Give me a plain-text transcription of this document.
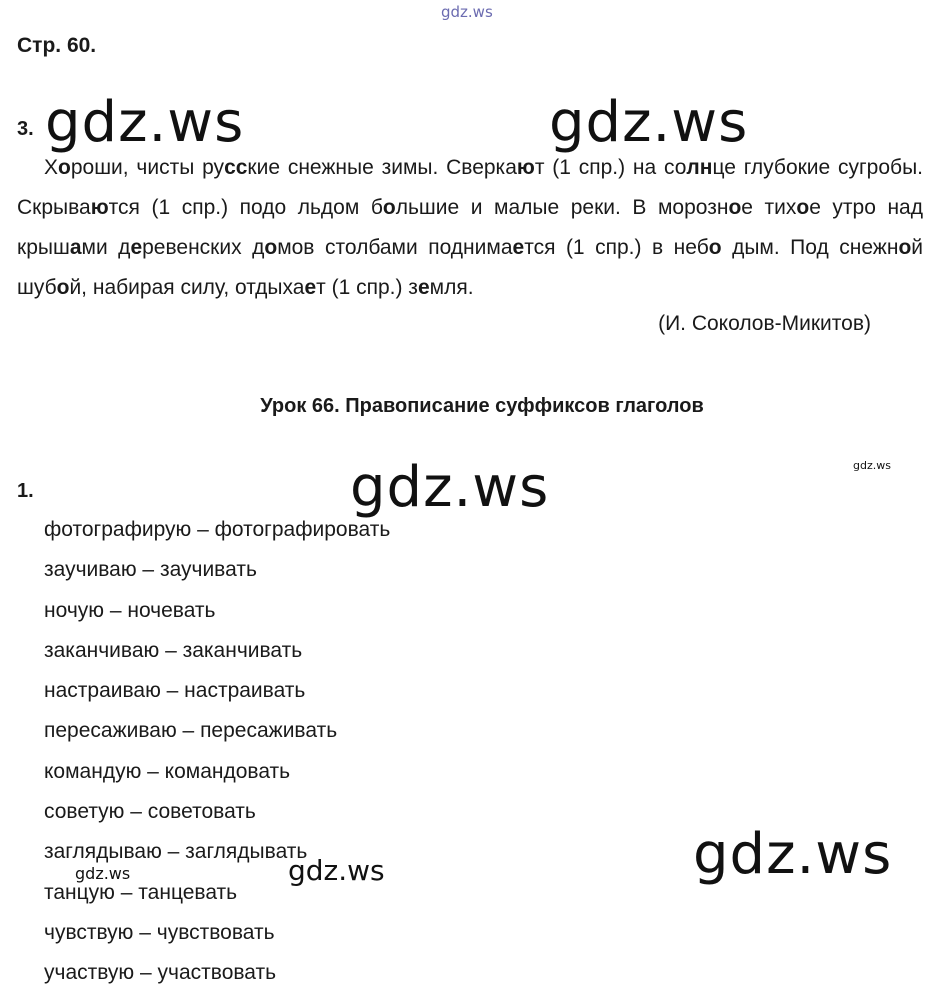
gdz.ws
Стр. 60.
3. gdz.ws	gdz.ws

Хороши, чисты русские снежные зимы. Сверкают (1 спр.) на солнце глубокие сугробы. Скрываются (1 спр.) подо льдом большие и малые реки. В морозное тихое утро над крышами деревенских домов столбами поднимается (1 спр.) в небо дым. Под снежной шубой, набирая силу, отдыхает (1 спр.) земля.

(И. Соколов-Микитов)
Урок 66. Правописание суффиксов глаголов
gdz.ws
1.	gdz.ws
фотографирую – фотографировать
заучиваю – заучивать
ночую – ночевать
заканчиваю – заканчивать
настраиваю – настраивать
пересаживаю – пересаживать
командую – командовать
советую – советовать
заглядываю – заглядывать
танцую – танцевать
чувствую – чувствовать
участвую – участвовать
gdz.ws	gdz.ws	gdz.ws
